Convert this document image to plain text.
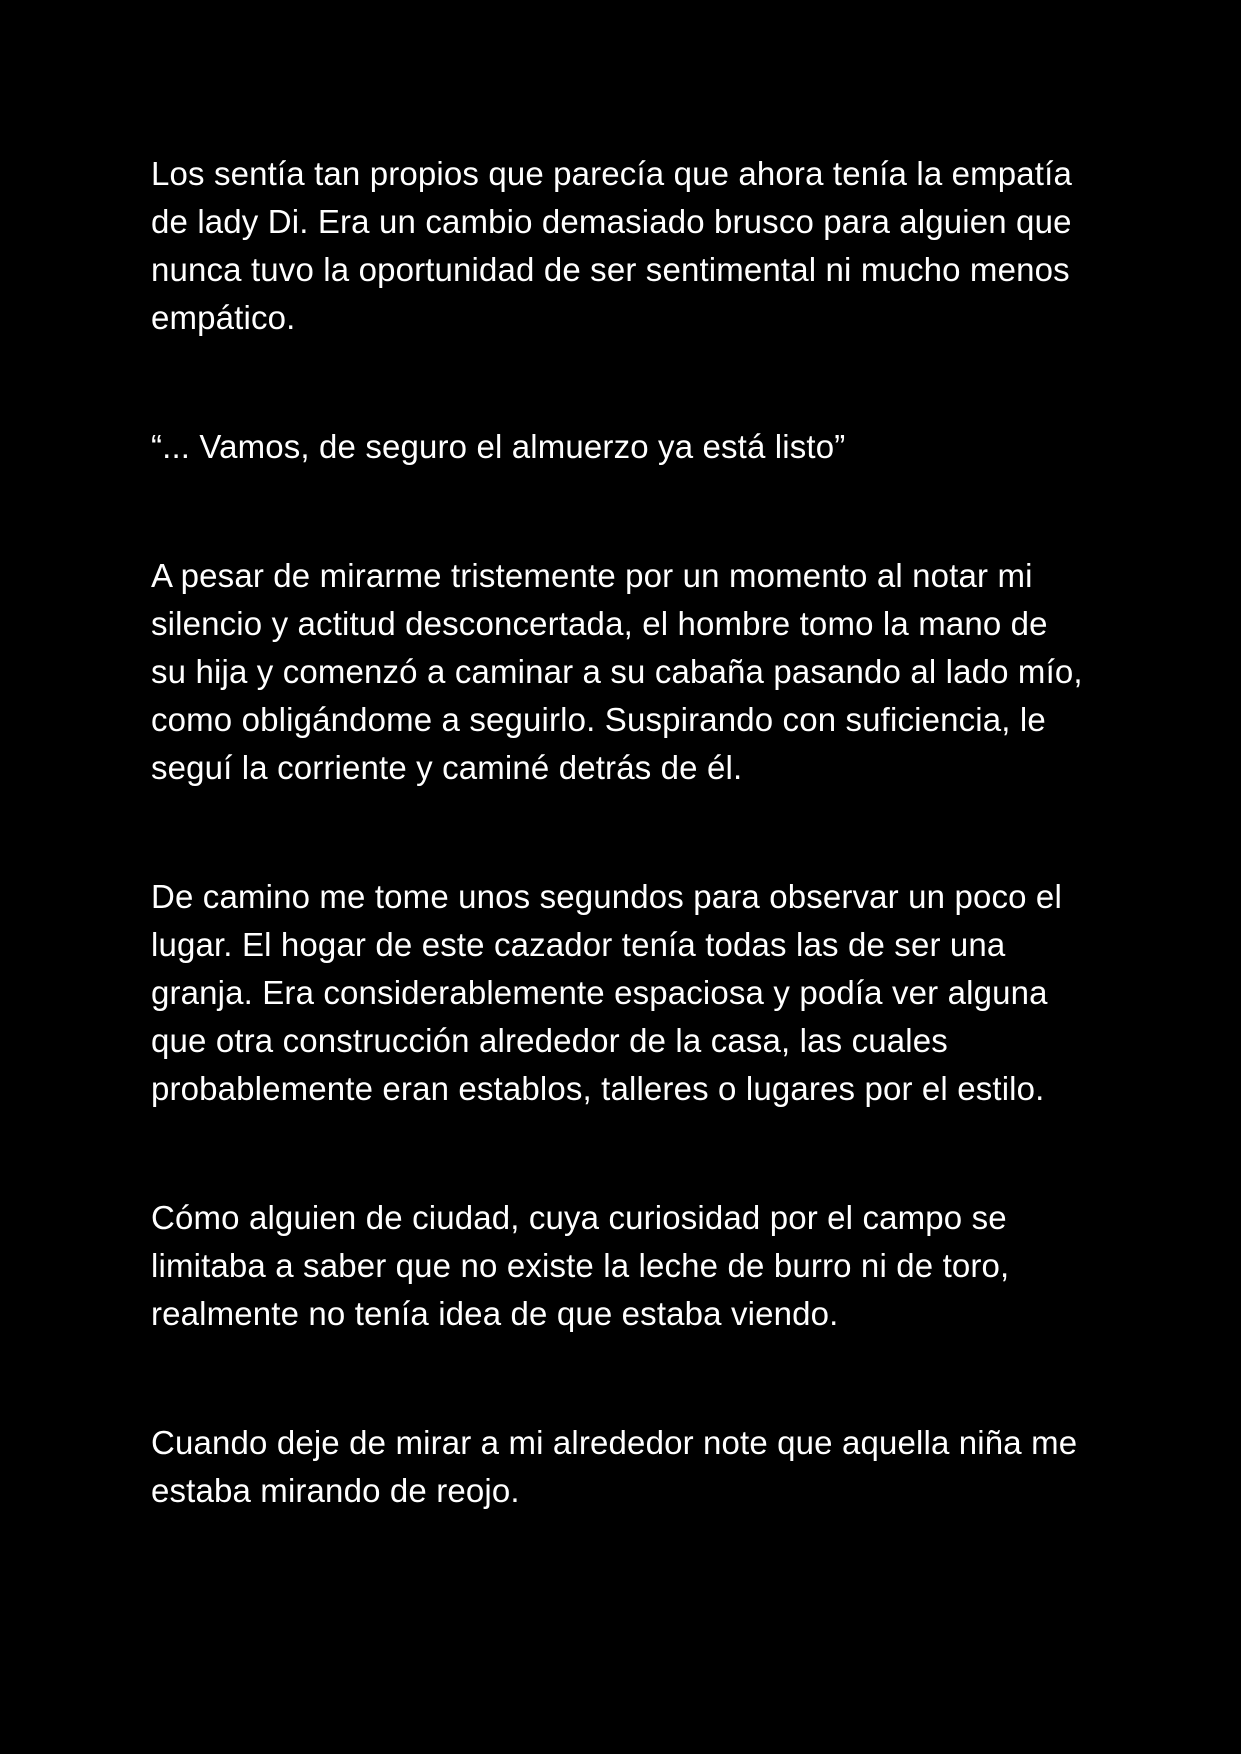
Los sentía tan propios que parecía que ahora tenía la empatía de lady Di. Era un cambio demasiado brusco para alguien que nunca tuvo la oportunidad de ser sentimental ni mucho menos empático.

“... Vamos, de seguro el almuerzo ya está listo”

A pesar de mirarme tristemente por un momento al notar mi silencio y actitud desconcertada, el hombre tomo la mano de su hija y comenzó a caminar a su cabaña pasando al lado mío, como obligándome a seguirlo. Suspirando con suficiencia, le seguí la corriente y caminé detrás de él.

De camino me tome unos segundos para observar un poco el lugar. El hogar de este cazador tenía todas las de ser una granja. Era considerablemente espaciosa y podía ver alguna que otra construcción alrededor de la casa, las cuales probablemente eran establos, talleres o lugares por el estilo.

Cómo alguien de ciudad, cuya curiosidad por el campo se limitaba a saber que no existe la leche de burro ni de toro, realmente no tenía idea de que estaba viendo.

Cuando deje de mirar a mi alrededor note que aquella niña me estaba mirando de reojo.
